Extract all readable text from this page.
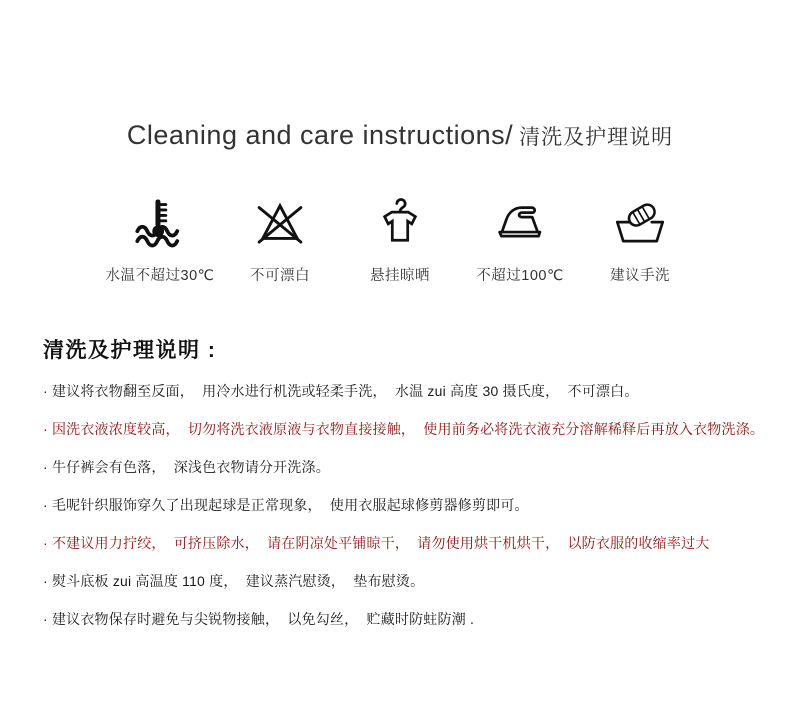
Cleaning and care instructions/ 清洗及护理说明
水温不超过30℃	不可漂白	悬挂晾晒	不超过100℃	建议手洗
清洗及护理说明 :

· 建议将衣物翻至反面，  用冷水进行机洗或轻柔手洗，  水温 zui 高度 30 摄氏度，  不可漂白。

· 因洗衣液浓度较高，  切勿将洗衣液原液与衣物直接接触，  使用前务必将洗衣液充分溶解稀释后再放入衣物洗涤。

· 牛仔裤会有色落，  深浅色衣物请分开洗涤。

· 毛呢针织服饰穿久了出现起球是正常现象，  使用衣服起球修剪器修剪即可。

· 不建议用力拧绞，  可挤压除水，  请在阴凉处平铺晾干，  请勿使用烘干机烘干，  以防衣服的收缩率过大

· 熨斗底板 zui 高温度 110 度，  建议蒸汽慰烫，  垫布慰烫。

· 建议衣物保存时避免与尖锐物接触，  以免勾丝，  贮藏时防蛀防潮 .
